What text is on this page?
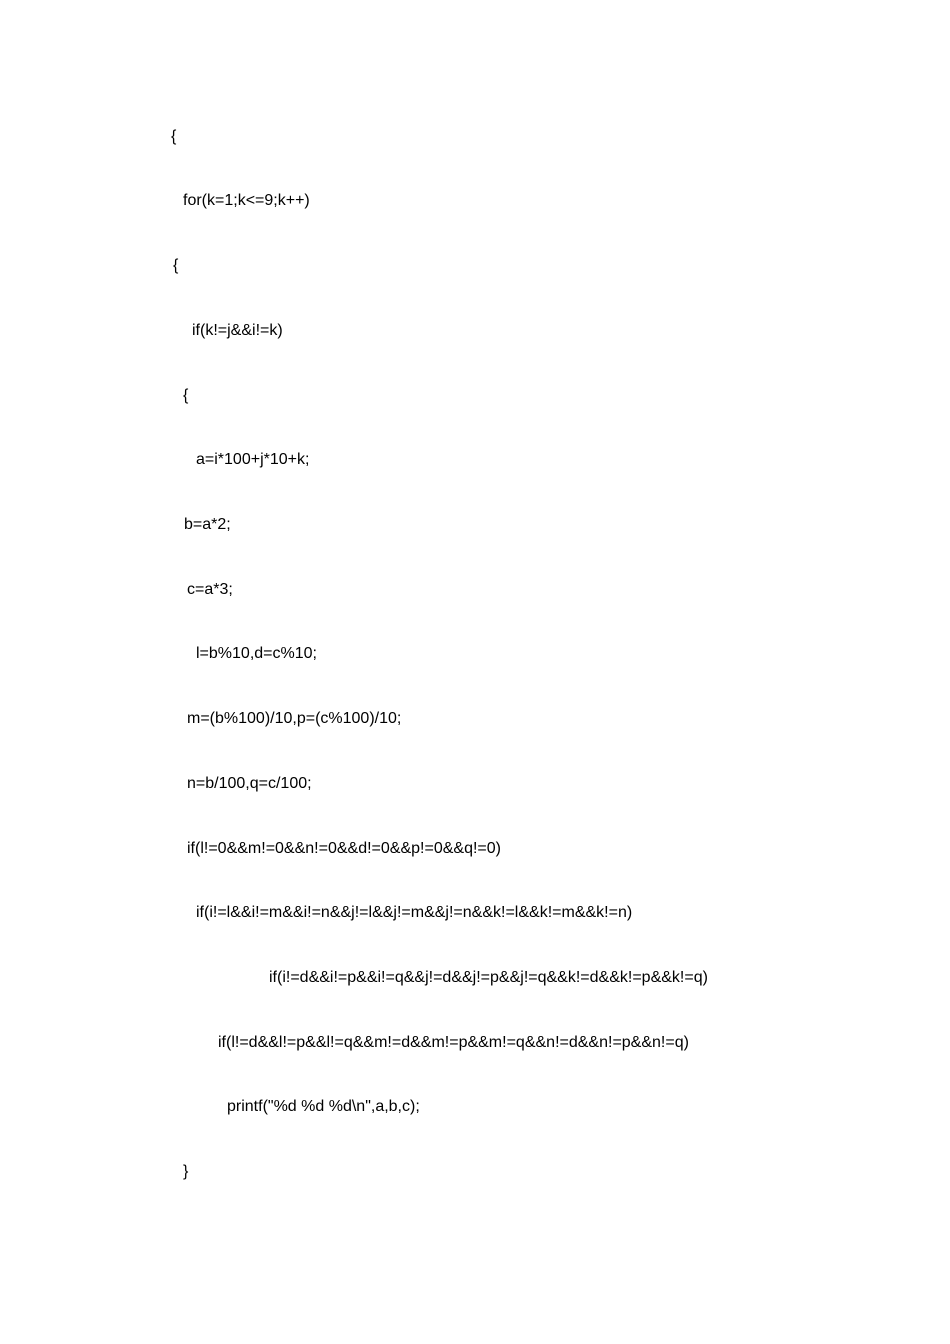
{
for(k=1;k<=9;k++)
{
if(k!=j&&i!=k)
{
a=i*100+j*10+k;
b=a*2;
c=a*3;
l=b%10,d=c%10;
m=(b%100)/10,p=(c%100)/10;
n=b/100,q=c/100;
if(l!=0&&m!=0&&n!=0&&d!=0&&p!=0&&q!=0)
if(i!=l&&i!=m&&i!=n&&j!=l&&j!=m&&j!=n&&k!=l&&k!=m&&k!=n)
if(i!=d&&i!=p&&i!=q&&j!=d&&j!=p&&j!=q&&k!=d&&k!=p&&k!=q)
if(l!=d&&l!=p&&l!=q&&m!=d&&m!=p&&m!=q&&n!=d&&n!=p&&n!=q)
printf("%d %d %d\n",a,b,c);
}
